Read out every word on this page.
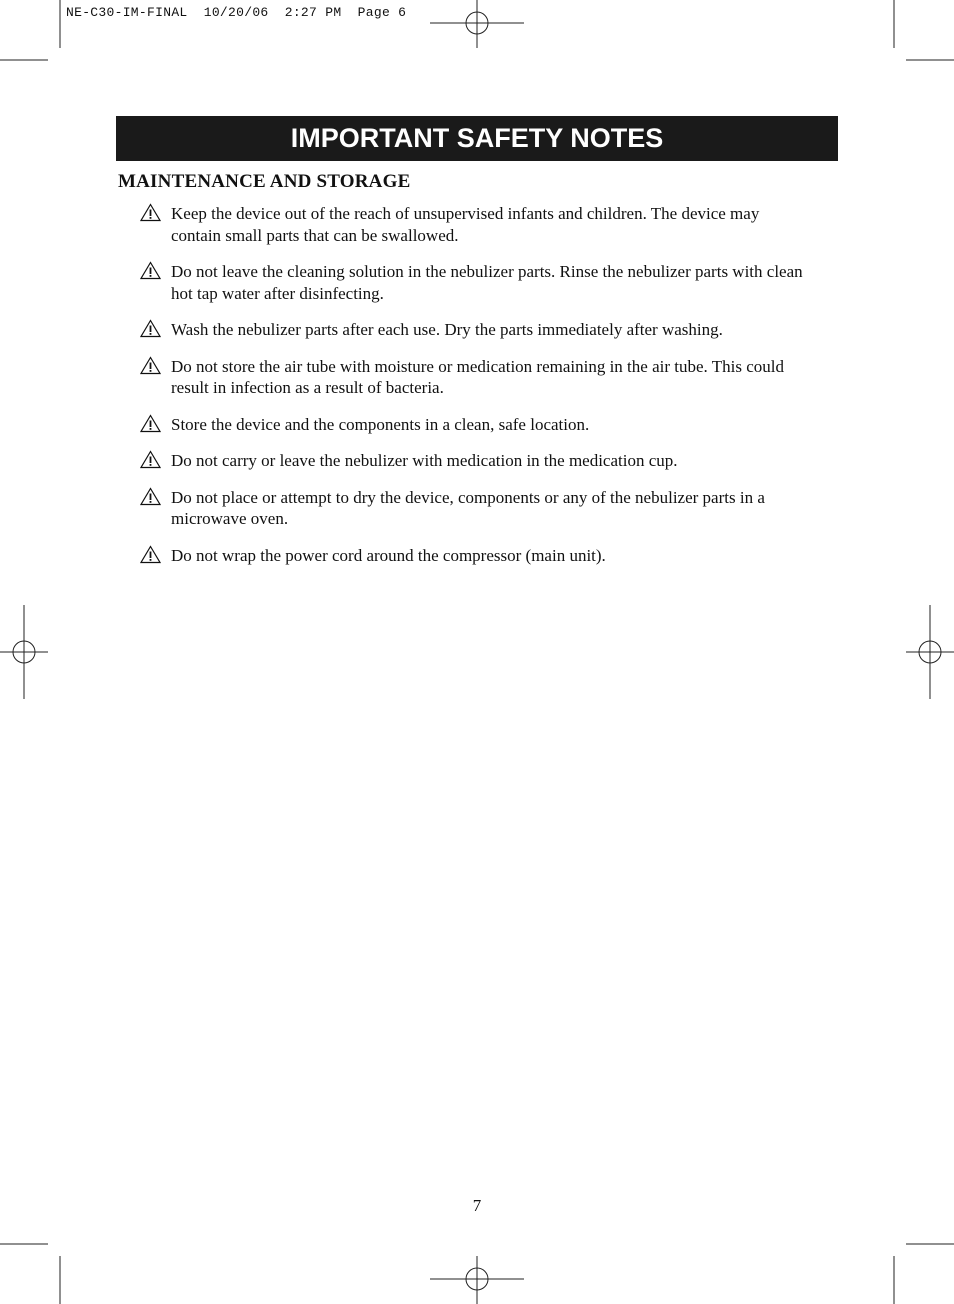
NE-C30-IM-FINAL  10/20/06  2:27 PM  Page 6
IMPORTANT SAFETY NOTES
MAINTENANCE AND STORAGE
Keep the device out of the reach of unsupervised infants and children. The device may contain small parts that can be swallowed.
Do not leave the cleaning solution in the nebulizer parts. Rinse the nebulizer parts with clean hot tap water after disinfecting.
Wash the nebulizer parts after each use. Dry the parts immediately after washing.
Do not store the air tube with moisture or medication remaining in the air tube. This could result in infection as a result of bacteria.
Store the device and the components in a clean, safe location.
Do not carry or leave the nebulizer with medication in the medication cup.
Do not place or attempt to dry the device, components or any of the nebulizer parts in a microwave oven.
Do not wrap the power cord around the compressor (main unit).
7
